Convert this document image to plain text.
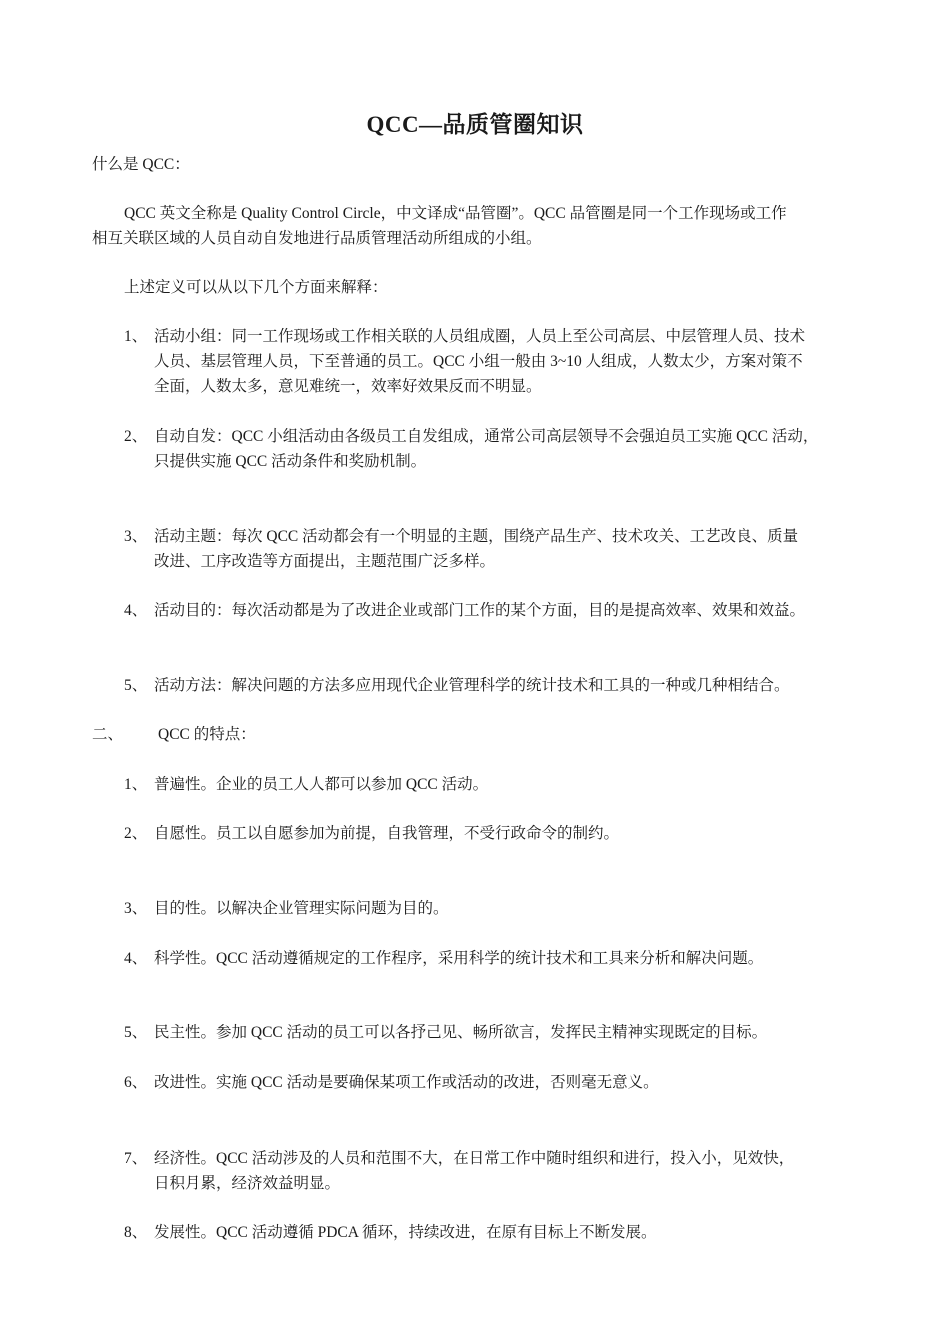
QCC—品质管圈知识
什么是 QCC：
QCC 英文全称是 Quality Control Circle，中文译成“品管圈”。QCC 品管圈是同一个工作现场或工作
相互关联区域的人员自动自发地进行品质管理活动所组成的小组。
上述定义可以从以下几个方面来解释：
1、 活动小组：同一工作现场或工作相关联的人员组成圈，人员上至公司高层、中层管理人员、技术
人员、基层管理人员，下至普通的员工。QCC 小组一般由 3~10 人组成，人数太少，方案对策不
全面，人数太多，意见难统一，效率好效果反而不明显。
2、 自动自发：QCC 小组活动由各级员工自发组成，通常公司高层领导不会强迫员工实施 QCC 活动，
只提供实施 QCC 活动条件和奖励机制。
3、 活动主题：每次 QCC 活动都会有一个明显的主题，围绕产品生产、技术攻关、工艺改良、质量
改进、工序改造等方面提出，主题范围广泛多样。
4、 活动目的：每次活动都是为了改进企业或部门工作的某个方面，目的是提高效率、效果和效益。
5、 活动方法：解决问题的方法多应用现代企业管理科学的统计技术和工具的一种或几种相结合。
二、 QCC 的特点：
1、 普遍性。企业的员工人人都可以参加 QCC 活动。
2、 自愿性。员工以自愿参加为前提，自我管理，不受行政命令的制约。
3、 目的性。以解决企业管理实际问题为目的。
4、 科学性。QCC 活动遵循规定的工作程序，采用科学的统计技术和工具来分析和解决问题。
5、 民主性。参加 QCC 活动的员工可以各抒己见、畅所欲言，发挥民主精神实现既定的目标。
6、 改进性。实施 QCC 活动是要确保某项工作或活动的改进，否则毫无意义。
7、 经济性。QCC 活动涉及的人员和范围不大，在日常工作中随时组织和进行，投入小，见效快，
日积月累，经济效益明显。
8、 发展性。QCC 活动遵循 PDCA 循环，持续改进，在原有目标上不断发展。
